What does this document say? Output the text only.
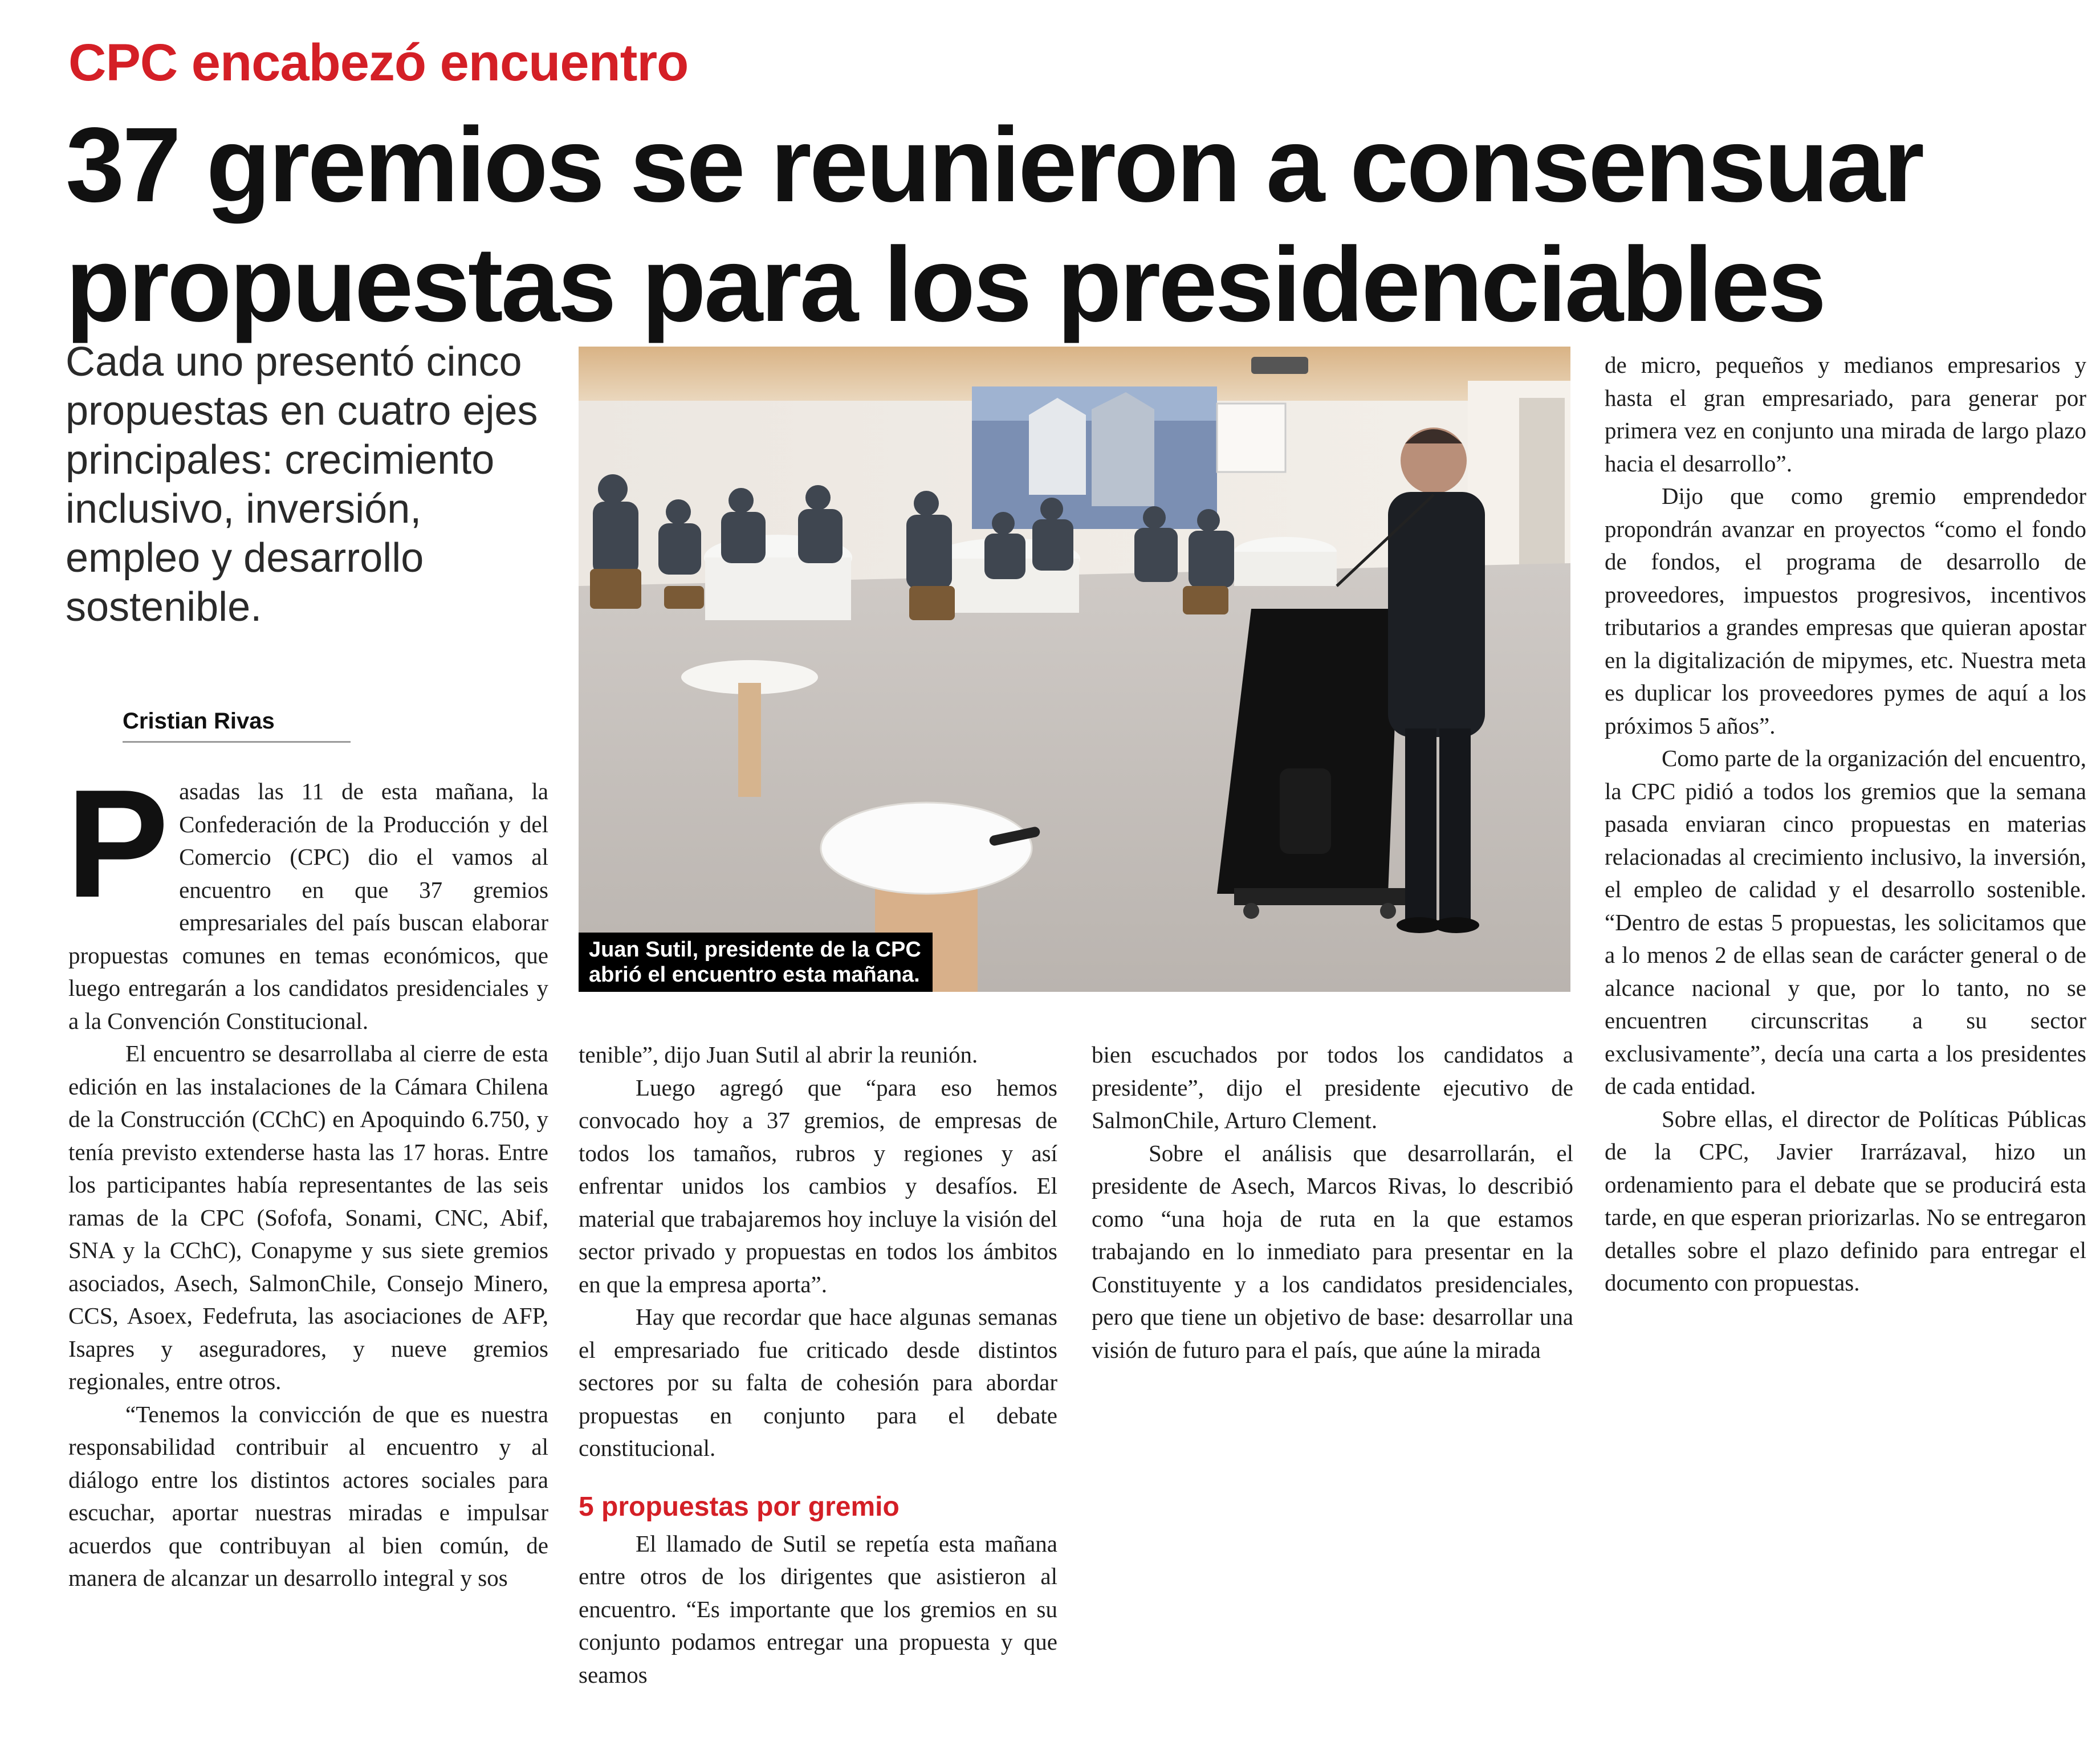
CPC encabezó encuentro
37 gremios se reunieron a consensuar
propuestas para los presidenciables

Cada uno presentó cinco propuestas en cuatro ejes principales: crecimiento inclusivo, inversión, empleo y desarrollo sostenible.

Cristian Rivas
Juan Sutil, presidente de la CPC
abrió el encuentro esta mañana.

Pasadas las 11 de esta mañana, la Confederación de la Producción y del Comercio (CPC) dio el vamos al encuentro en que 37 gremios empresariales del país buscan elaborar propuestas comunes en temas económicos, que luego entregarán a los candidatos presidenciales y a la Convención Constitucional.

El encuentro se desarrollaba al cierre de esta edición en las instalaciones de la Cámara Chilena de la Construcción (CChC) en Apoquindo 6.750, y tenía previsto extenderse hasta las 17 horas. Entre los participantes había representantes de las seis ramas de la CPC (Sofofa, Sonami, CNC, Abif, SNA y la CChC), Conapyme y sus siete gremios asociados, Asech, SalmonChile, Consejo Minero, CCS, Asoex, Fedefruta, las asociaciones de AFP, Isapres y aseguradores, y nueve gremios regionales, entre otros.

“Tenemos la convicción de que es nuestra responsabilidad contribuir al encuentro y al diálogo entre los distintos actores sociales para escuchar, aportar nuestras miradas e impulsar acuerdos que contribuyan al bien común, de manera de alcanzar un desarrollo integral y sos

tenible”, dijo Juan Sutil al abrir la reunión.

Luego agregó que “para eso hemos convocado hoy a 37 gremios, de empresas de todos los tamaños, rubros y regiones y así enfrentar unidos los cambios y desafíos. El material que trabajaremos hoy incluye la visión del sector privado y propuestas en todos los ámbitos en que la empresa aporta”.

Hay que recordar que hace algunas semanas el empresariado fue criticado desde distintos sectores por su falta de cohesión para abordar propuestas en conjunto para el debate constitucional.

5 propuestas por gremio

El llamado de Sutil se repetía esta mañana entre otros de los dirigentes que asistieron al encuentro. “Es importante que los gremios en su conjunto podamos entregar una propuesta y que seamos

bien escuchados por todos los candidatos a presidente”, dijo el presidente ejecutivo de SalmonChile, Arturo Clement.

Sobre el análisis que desarrollarán, el presidente de Asech, Marcos Rivas, lo describió como “una hoja de ruta en la que estamos trabajando en lo inmediato para presentar en la Constituyente y a los candidatos presidenciales, pero que tiene un objetivo de base: desarrollar una visión de futuro para el país, que aúne la mirada

de micro, pequeños y medianos empresarios y hasta el gran empresariado, para generar por primera vez en conjunto una mirada de largo plazo hacia el desarrollo”.

Dijo que como gremio emprendedor propondrán avanzar en proyectos “como el fondo de fondos, el programa de desarrollo de proveedores, impuestos progresivos, incentivos tributarios a grandes empresas que quieran apostar en la digitalización de mipymes, etc. Nuestra meta es duplicar los proveedores pymes de aquí a los próximos 5 años”.

Como parte de la organización del encuentro, la CPC pidió a todos los gremios que la semana pasada enviaran cinco propuestas en materias relacionadas al crecimiento inclusivo, la inversión, el empleo de calidad y el desarrollo sostenible. “Dentro de estas 5 propuestas, les solicitamos que a lo menos 2 de ellas sean de carácter general o de alcance nacional y que, por lo tanto, no se encuentren circunscritas a su sector exclusivamente”, decía una carta a los presidentes de cada entidad.

Sobre ellas, el director de Políticas Públicas de la CPC, Javier Irarrázaval, hizo un ordenamiento para el debate que se producirá esta tarde, en que esperan priorizarlas. No se entregaron detalles sobre el plazo definido para entregar el documento con propuestas.
